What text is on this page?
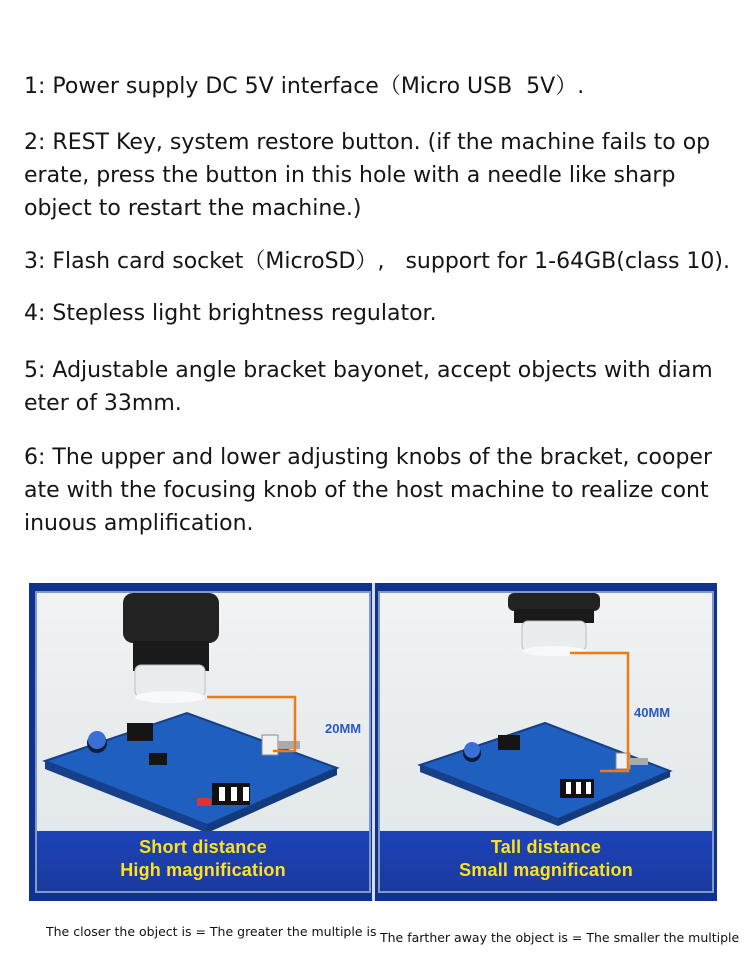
1: Power supply DC 5V interface（Micro USB  5V）.

2: REST Key, system restore button. (if the machine fails to op
erate, press the button in this hole with a needle like sharp
object to restart the machine.)

3: Flash card socket（MicroSD）,   support for 1-64GB(class 10).

4: Stepless light brightness regulator.

5: Adjustable angle bracket bayonet, accept objects with diam
eter of 33mm.

6: The upper and lower adjusting knobs of the bracket, cooper
ate with the focusing knob of the host machine to realize cont
inuous amplification.

20MM
Short distance
High magnification
40MM
Tall distance
Small magnification
The closer the object is = The greater the multiple is The farther away the object is = The smaller the multiple
